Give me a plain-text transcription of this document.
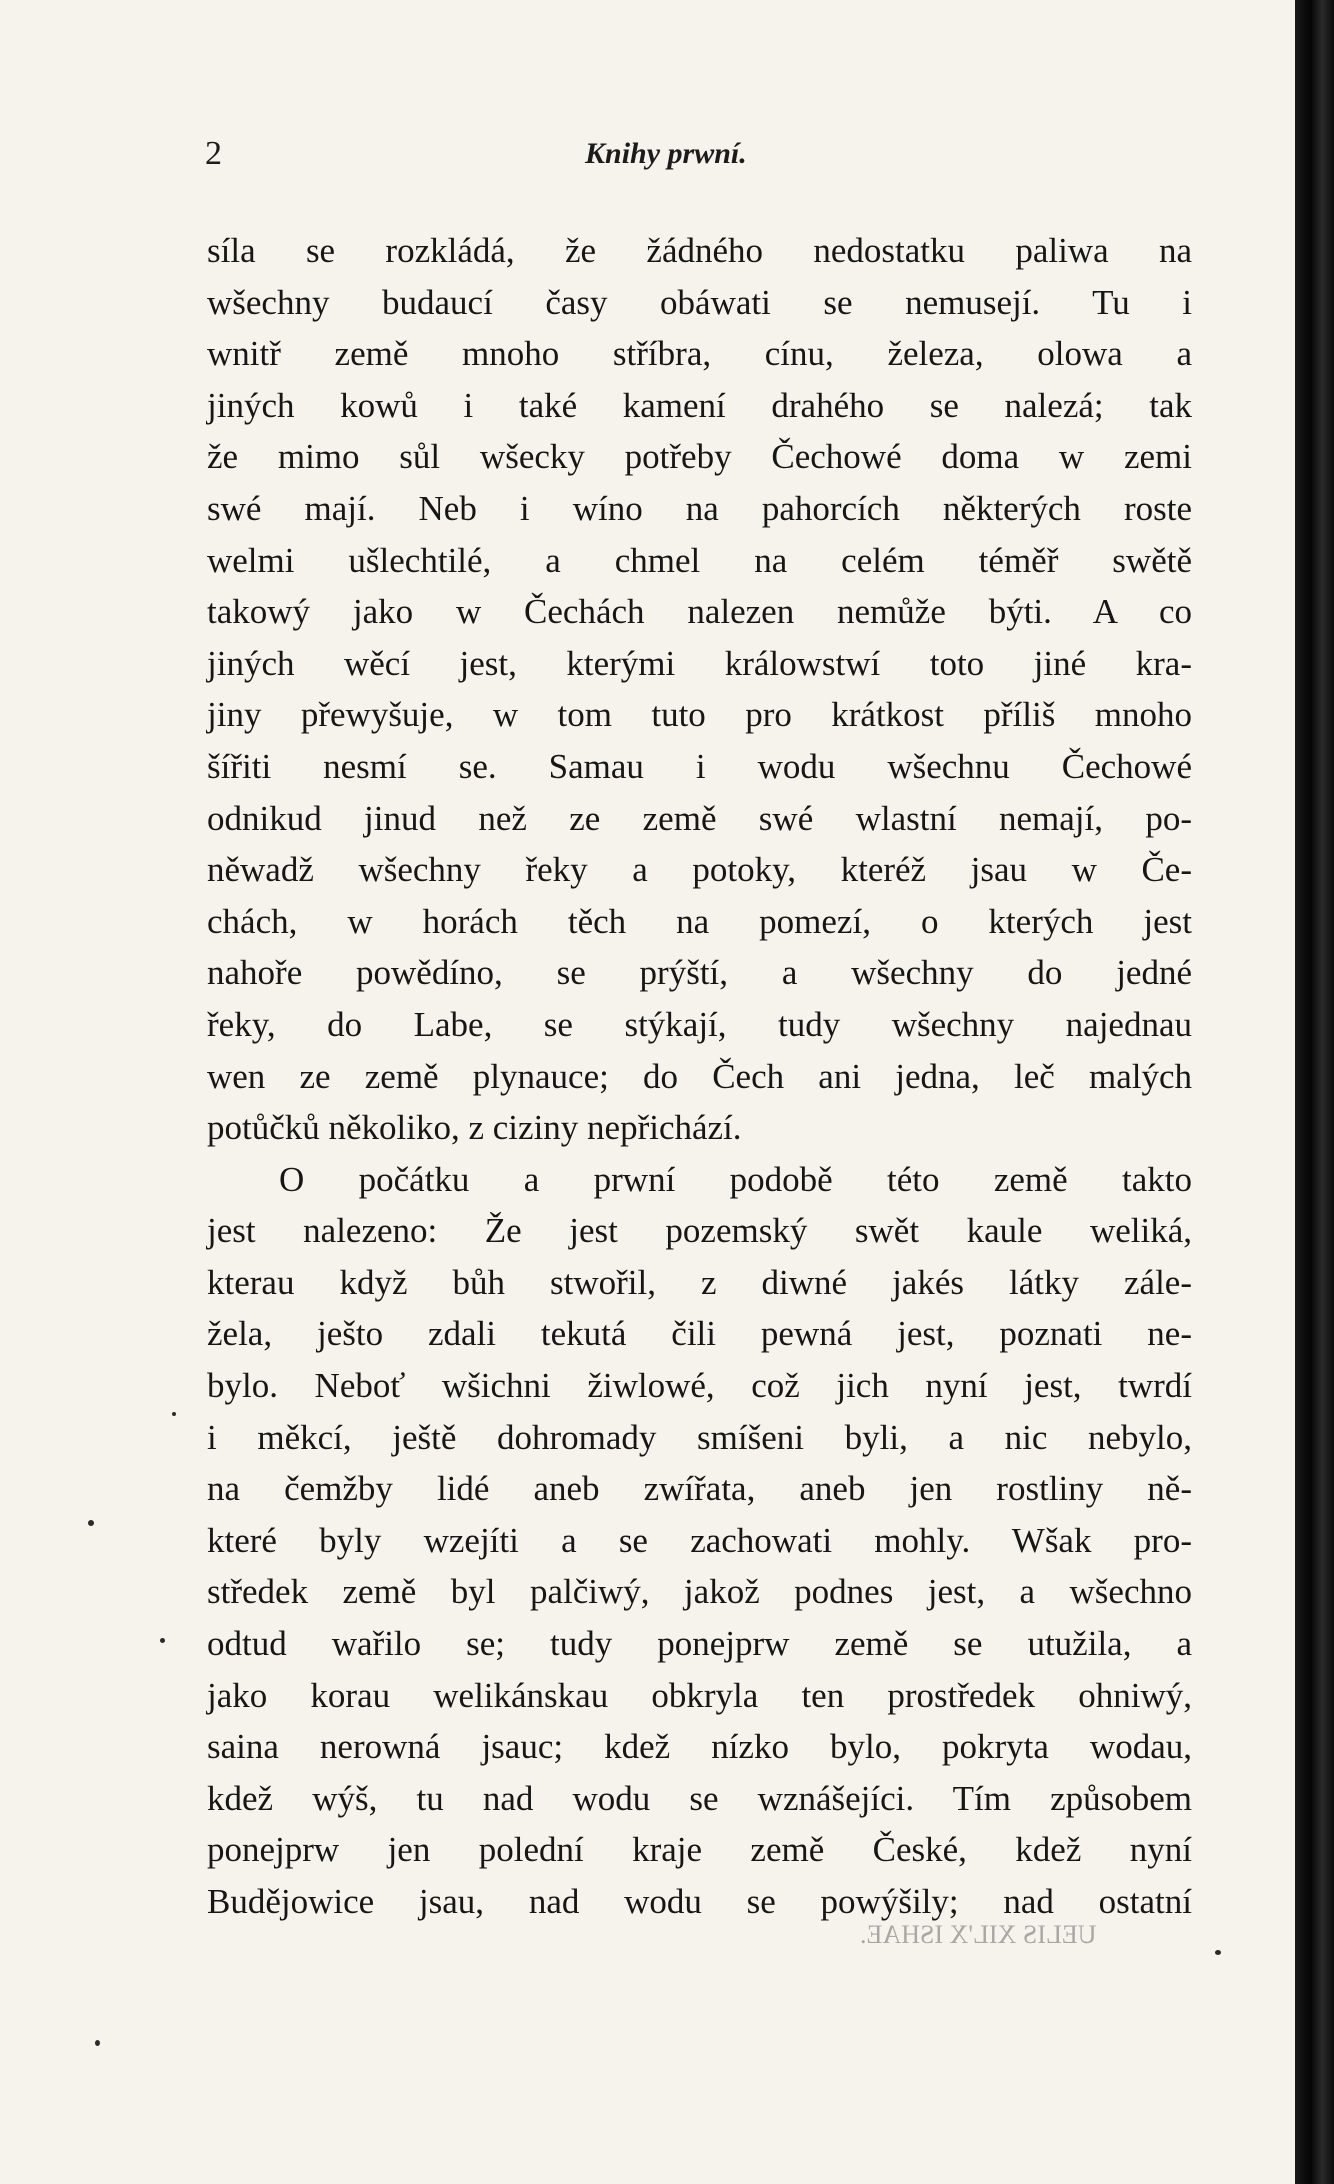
2	Knihy prwní.
síla se rozkládá, že žádného nedostatku paliwa na
wšechny budaucí časy obáwati se nemusejí. Tu i
wnitř země mnoho stříbra, cínu, železa, olowa a
jiných kowů i také kamení drahého se nalezá; tak
že mimo sůl wšecky potřeby Čechowé doma w zemi
swé mají. Neb i wíno na pahorcích některých roste
welmi ušlechtilé, a chmel na celém téměř swětě
takowý jako w Čechách nalezen nemůže býti. A co
jiných wěcí jest, kterými králowstwí toto jiné kra-
jiny přewyšuje, w tom tuto pro krátkost příliš mnoho
šířiti nesmí se. Samau i wodu wšechnu Čechowé
odnikud jinud než ze země swé wlastní nemají, po-
něwadž wšechny řeky a potoky, kteréž jsau w Če-
chách, w horách těch na pomezí, o kterých jest
nahoře powědíno, se prýští, a wšechny do jedné
řeky, do Labe, se stýkají, tudy wšechny najednau
wen ze země plynauce; do Čech ani jedna, leč malých
potůčků několiko, z ciziny nepřichází.
O počátku a prwní podobě této země takto
jest nalezeno: Že jest pozemský swět kaule weliká,
kterau když bůh stwořil, z diwné jakés látky zále-
žela, ješto zdali tekutá čili pewná jest, poznati ne-
bylo. Neboť wšichni žiwlowé, což jich nyní jest, twrdí
i měkcí, ještě dohromady smíšeni byli, a nic nebylo,
na čemžby lidé aneb zwířata, aneb jen rostliny ně-
které byly wzejíti a se zachowati mohly. Wšak pro-
středek země byl palčiwý, jakož podnes jest, a wšechno
odtud wařilo se; tudy ponejprw země se utužila, a
jako korau welikánskau obkryla ten prostředek ohniwý,
saina nerowná jsauc; kdež nízko bylo, pokryta wodau,
kdež wýš, tu nad wodu se wznášejíci. Tím způsobem
ponejprw jen polední kraje země České, kdež nyní
Budějowice jsau, nad wodu se powýšily; nad ostatní
UELIS XIL'X ISHAE.
